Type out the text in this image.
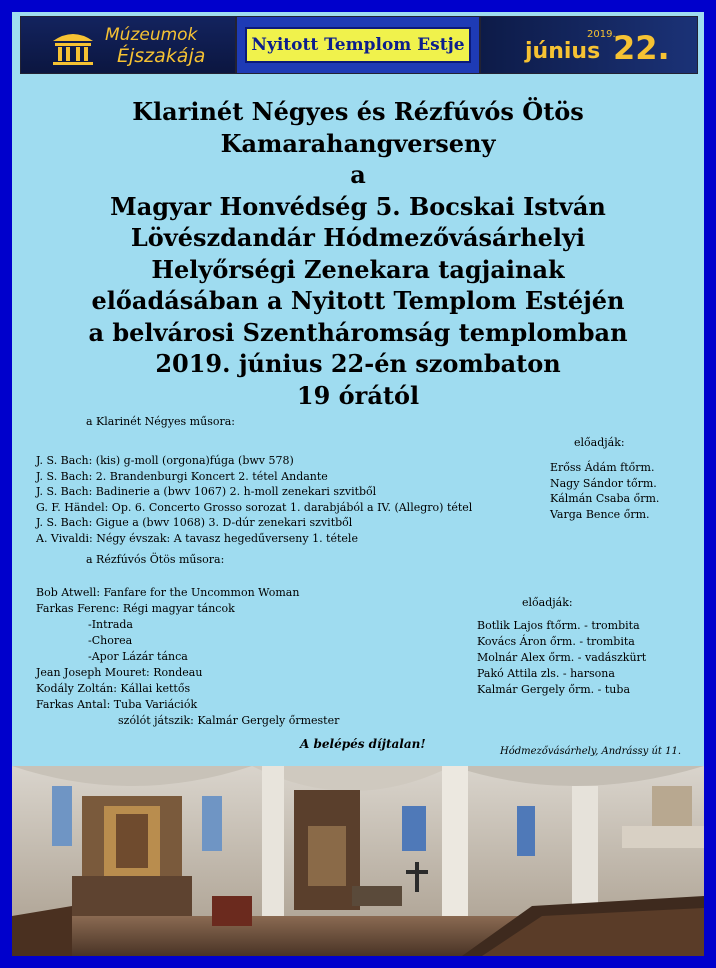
Múzeumok
Éjszakája	Nyitott Templom Estje
2019.
június 22.
Klarinét Négyes és Rézfúvós Ötös
Kamarahangverseny
a
Magyar Honvédség 5. Bocskai István
Lövészdandár Hódmezővásárhelyi
Helyőrségi Zenekara tagjainak
előadásában a Nyitott Templom Estéjén
a belvárosi Szentháromság templomban
2019. június 22-én szombaton
19 órától
a Klarinét Négyes műsora:
J. S. Bach: (kis) g-moll (orgona)fúga (bwv 578)
J. S. Bach: 2. Brandenburgi Koncert 2. tétel Andante
J. S. Bach: Badinerie a (bwv 1067) 2. h-moll zenekari szvitből
G. F. Händel: Op. 6. Concerto Grosso sorozat 1. darabjából a IV. (Allegro) tétel
J. S. Bach: Gigue a (bwv 1068) 3. D-dúr zenekari szvitből
A. Vivaldi: Négy évszak: A tavasz hegedűverseny 1. tétele
előadják:
Erőss Ádám ftőrm.
Nagy Sándor tőrm.
Kálmán Csaba őrm.
Varga Bence őrm.
a Rézfúvós Ötös műsora:
Bob Atwell: Fanfare for the Uncommon Woman
Farkas Ferenc: Régi magyar táncok
-Intrada
-Chorea
-Apor Lázár tánca
Jean Joseph Mouret: Rondeau
Kodály Zoltán: Kállai kettős
Farkas Antal: Tuba Variációk
szólót játszik: Kalmár Gergely őrmester
előadják:
Botlik Lajos ftőrm. - trombita
Kovács Áron őrm. - trombita
Molnár Alex őrm. - vadászkürt
Pakó Attila zls. - harsona
Kalmár Gergely őrm. - tuba
A belépés díjtalan!
Hódmezővásárhely, Andrássy út 11.
